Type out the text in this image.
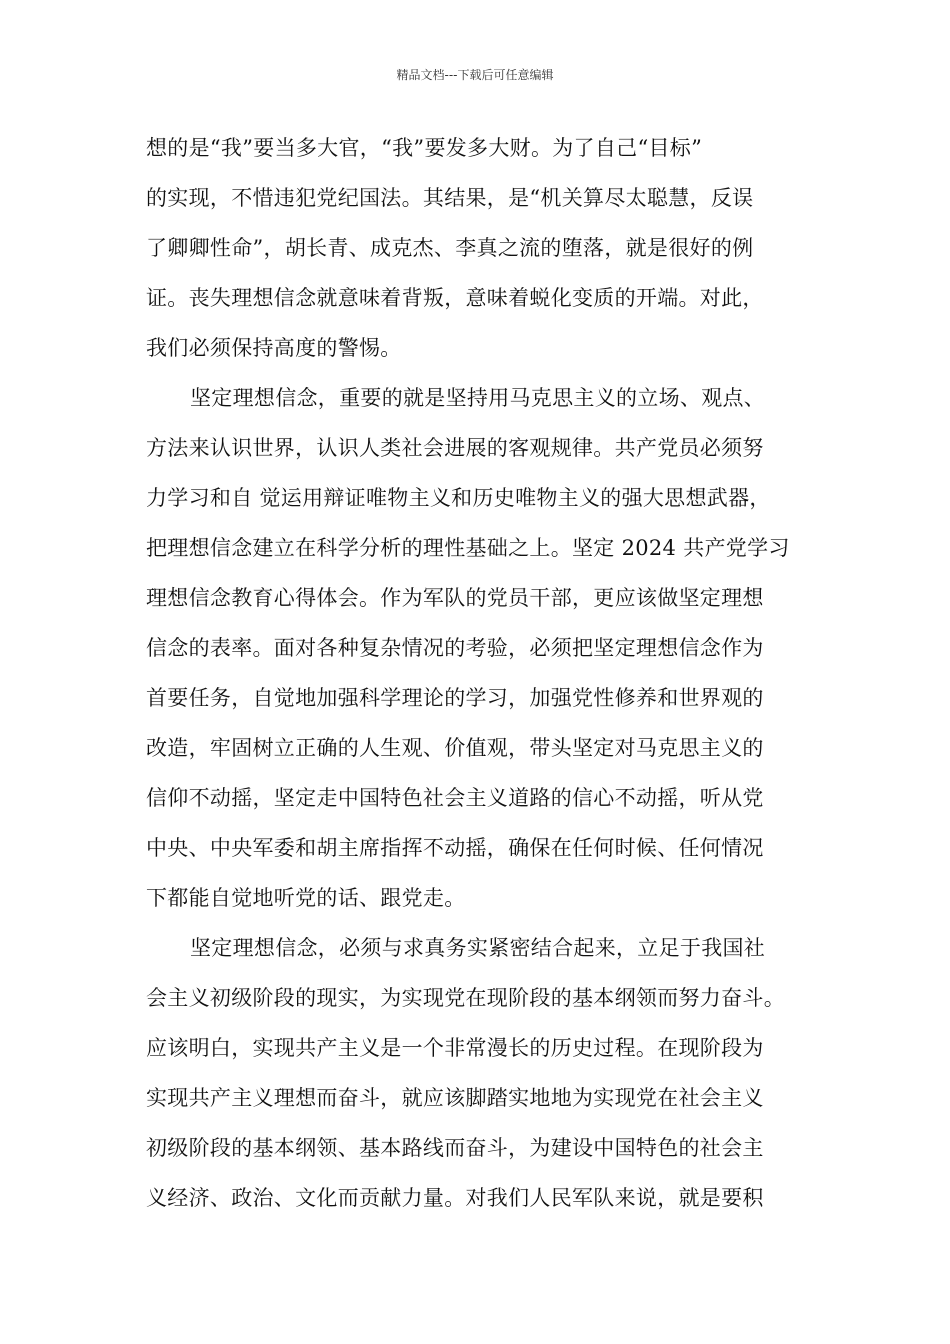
精品文档---下载后可任意编辑
想的是“我”要当多大官，“我”要发多大财。为了自己“目标”
的实现，不惜违犯党纪国法。其结果，是“机关算尽太聪慧，反误
了卿卿性命”，胡长青、成克杰、李真之流的堕落，就是很好的例
证。丧失理想信念就意味着背叛，意味着蜕化变质的开端。对此，
我们必须保持高度的警惕。
坚定理想信念，重要的就是坚持用马克思主义的立场、观点、
方法来认识世界，认识人类社会进展的客观规律。共产党员必须努
力学习和自 觉运用辩证唯物主义和历史唯物主义的强大思想武器，
把理想信念建立在科学分析的理性基础之上。坚定 2024 共产党学习
理想信念教育心得体会。作为军队的党员干部，更应该做坚定理想
信念的表率。面对各种复杂情况的考验，必须把坚定理想信念作为
首要任务，自觉地加强科学理论的学习，加强党性修养和世界观的
改造，牢固树立正确的人生观、价值观，带头坚定对马克思主义的
信仰不动摇，坚定走中国特色社会主义道路的信心不动摇，听从党
中央、中央军委和胡主席指挥不动摇，确保在任何时候、任何情况
下都能自觉地听党的话、跟党走。
坚定理想信念，必须与求真务实紧密结合起来，立足于我国社
会主义初级阶段的现实，为实现党在现阶段的基本纲领而努力奋斗。
应该明白，实现共产主义是一个非常漫长的历史过程。在现阶段为
实现共产主义理想而奋斗，就应该脚踏实地地为实现党在社会主义
初级阶段的基本纲领、基本路线而奋斗，为建设中国特色的社会主
义经济、政治、文化而贡献力量。对我们人民军队来说，就是要积
